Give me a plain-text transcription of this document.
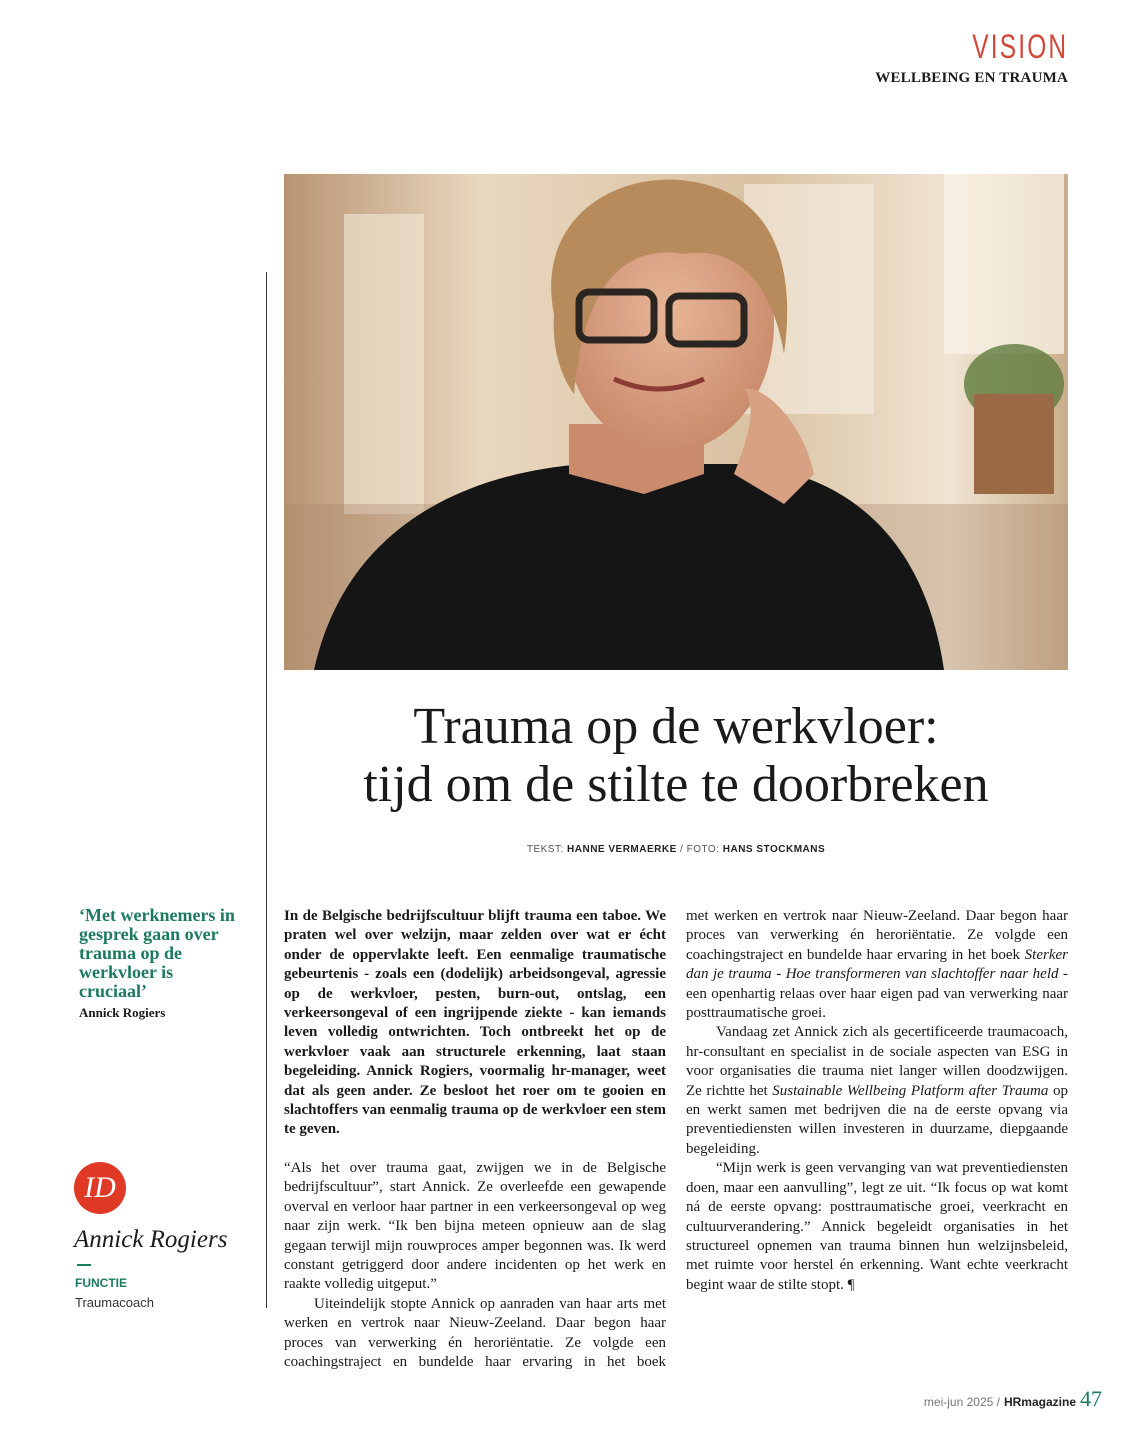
VISION
WELLBEING EN TRAUMA
Trauma op de werkvloer:
tijd om de stilte te doorbreken
TEKST: HANNE VERMAERKE / FOTO: HANS STOCKMANS

In de Belgische bedrijfscultuur blijft trauma een taboe. We praten wel over welzijn, maar zelden over wat er écht onder de oppervlakte leeft. Een eenmalige traumatische gebeurtenis - zoals een (dodelijk) arbeidsongeval, agressie op de werkvloer, pesten, burn-out, ontslag, een verkeersongeval of een ingrijpende ziekte - kan iemands leven volledig ontwrichten. Toch ontbreekt het op de werkvloer vaak aan structurele erkenning, laat staan begeleiding. Annick Rogiers, voormalig hr-manager, weet dat als geen ander. Ze besloot het roer om te gooien en slachtoffers van eenmalig trauma op de werkvloer een stem te geven.

“Als het over trauma gaat, zwijgen we in de Belgische bedrijfscultuur”, start Annick. Ze overleefde een gewapende overval en verloor haar partner in een verkeersongeval op weg naar zijn werk. “Ik ben bijna meteen opnieuw aan de slag gegaan terwijl mijn rouwproces amper begonnen was. Ik werd constant getriggerd door andere incidenten op het werk en raakte volledig uitgeput.”

Uiteindelijk stopte Annick op aanraden van haar arts met werken en vertrok naar Nieuw-Zeeland. Daar begon haar proces van verwerking én heroriëntatie. Ze volgde een coachingstraject en bundelde haar ervaring in het boek

met werken en vertrok naar Nieuw-Zeeland. Daar begon haar proces van verwerking én heroriëntatie. Ze volgde een coachingstraject en bundelde haar ervaring in het boek Sterker dan je trauma - Hoe transformeren van slachtoffer naar held - een openhartig relaas over haar eigen pad van verwerking naar posttraumatische groei.

Vandaag zet Annick zich als gecertificeerde traumacoach, hr-consultant en specialist in de sociale aspecten van ESG in voor organisaties die trauma niet langer willen doodzwijgen. Ze richtte het Sustainable Wellbeing Platform after Trauma op en werkt samen met bedrijven die na de eerste opvang via preventiediensten willen investeren in duurzame, diepgaande begeleiding.

“Mijn werk is geen vervanging van wat preventiediensten doen, maar een aanvulling”, legt ze uit. “Ik focus op wat komt ná de eerste opvang: posttraumatische groei, veerkracht en cultuurverandering.” Annick begeleidt organisaties in het structureel opnemen van trauma binnen hun welzijnsbeleid, met ruimte voor herstel én erkenning. Want echte veerkracht begint waar de stilte stopt. ¶

‘Met werknemers in gesprek gaan over trauma op de werkvloer is cruciaal’
Annick Rogiers
ID
Annick Rogiers
FUNCTIE
Traumacoach
mei-jun 2025 / HRmagazine 47
